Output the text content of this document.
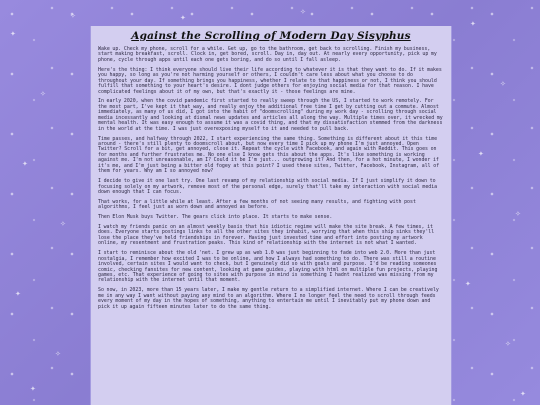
✦
✧
✦
✧
✦
✧
✧
✦
✧
✦
✧
✦
✧
✦
✦
✧
✦
Against the Scrolling of Modern Day Sisyphus

Wake up. Check my phone, scroll for a while. Get up, go to the bathroom, get back to scrolling. Finish my business, start making breakfast, scroll. Clock in, get bored, scroll. Day in, day out. At nearly every opportunity, pick up my phone, cycle through apps until each one gets boring, and do so until I fall asleep.

Here's the thing: I think everyone should live their life according to whatever it is that they want to do. If it makes you happy, so long as you're not harming yourself or others, I couldn't care less about what you choose to do throughout your day. If something brings you happiness, whether I relate to that happiness or not, I think you should fulfill that something to your heart's desire. I dont judge others for enjoying social media for that reason. I have complicated feelings about it of my own, but that's exactly it - those feelings are mine.

In early 2020, when the covid pandemic first started to really sweep through the US, I started to work remotely. For the most part, I've kept it that way, and really enjoy the additional free time I get by cutting out a commute. Almost immediately, as many of us did, I got into the habit of "doomscrolling" during my work day - scrolling through social media incessantly and looking at dismal news updates and articles all along the way. Multiple times over, it wrecked my mental health. It was easy enough to assume it was a covid thing, and that my dissatisfaction stemmed from the darkness in the world at the time. I was just overexposing myself to it and needed to pull back.

Time passes, and halfway through 2022, I start experiencing the same thing. Something is different about it this time around - there's still plenty to doomscroll about, but now every time I pick up my phone I'm just annoyed. Open Twitter? Scroll for a bit, get annoyed, close it. Repeat the cycle with Facebook, and again with Reddit. This goes on for months and further frustrates me. No one else I know gets this about the apps. It's like something is working against me. I'm not unreasonable, am I? Could it be I'm just... outgrowing it? And then, for a hot minute, I wonder if it's me, and I'm just being a bitter old fogey at this point? I used these sites, Twitter, Facebook, Instagram, all of them for years. Why am I so annoyed now?

I decide to give it one last try. One last revamp of my relationship with social media. If I just simplify it down to focusing solely on my artwork, remove most of the personal edge, surely that'll take my interaction with social media down enough that I can focus.

That works, for a little while at least. After a few months of not seeing many results, and fighting with post algorithms, I feel just as worn down and annoyed as before.

Then Elon Musk buys Twitter. The gears click into place. It starts to make sense.

I watch my friends panic on an almost weekly basis that his idiotic regime will make the site break. A few times, it does. Everyone starts postings links to all the other sites they inhabit, worrying that when this ship sinks they'll lose the place they've held friendships in forever. Having just invested time and effort into posting my artwork online, my resentment and frustration peaks. This kind of relationship with the internet is not what I wanted.

I start to reminisce about the old 'net. I grew up as web 1.0 was just beginning to fade into web 2.0. More than just nostalgia, I remember how excited I was to be online, and how I always had something to do. There was still a routine involved, certain sites I would want to check, but I genuinely did so with goals and purpose. I'd be reading someones comic, checking fansites for new content, looking at game guides, playing with html on multiple fun projects, playing games, etc. That experience of going to sites with purpose in mind is something I hadnt realized was missing from my relationship with the internet until that moment.

So now, in 2023, more than 15 years later, I make my gentle return to a simplified internet. Where I can be creatively me in any way I want without paying any mind to an algorithm. Where I no longer feel the need to scroll through feeds every moment of my day in the hopes of something, anything to entertain me until I inevitably put my phone down and pick it up again fifteen minutes later to do the same thing.
